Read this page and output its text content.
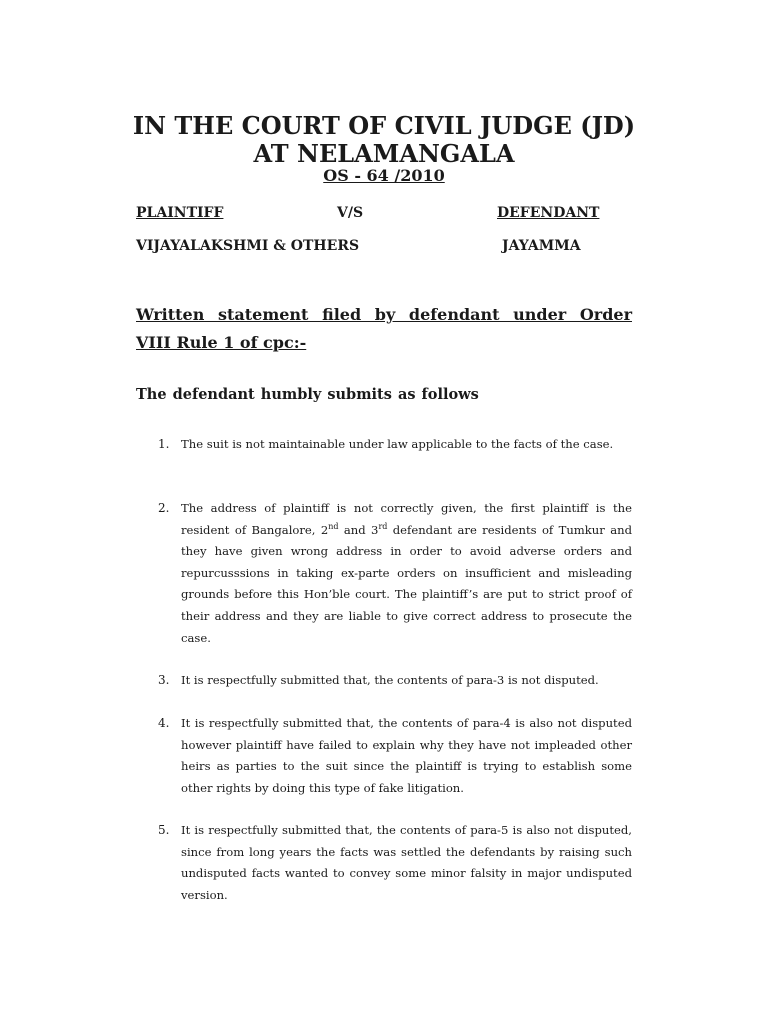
IN THE COURT OF CIVIL JUDGE (JD)
AT NELAMANGALA
OS - 64 /2010
PLAINTIFF	V/S	DEFENDANT
VIJAYALAKSHMI & OTHERS	JAYAMMA
Written statement filed by defendant under Order
VIII Rule 1 of cpc:-
The defendant humbly submits as follows
1. The suit is not maintainable under law applicable to the facts of the case.
2. The address of plaintiff is not correctly given, the first plaintiff is the resident of Bangalore, 2nd and 3rd defendant are residents of Tumkur and they have given wrong address in order to avoid adverse orders and repurcusssions in taking ex-parte orders on insufficient and misleading grounds before this Hon’ble court. The plaintiff’s are put to strict proof of their address and they are liable to give correct address to prosecute the case.
3. It is respectfully submitted that, the contents of para-3 is not disputed.
4. It is respectfully submitted that, the contents of para-4 is also not disputed however plaintiff have failed to explain why they have not impleaded other heirs as parties to the suit since the plaintiff is trying to establish some other rights by doing this type of fake litigation.
5. It is respectfully submitted that, the contents of para-5 is also not disputed, since from long years the facts was settled the defendants by raising such undisputed facts wanted to convey some minor falsity in major undisputed version.
